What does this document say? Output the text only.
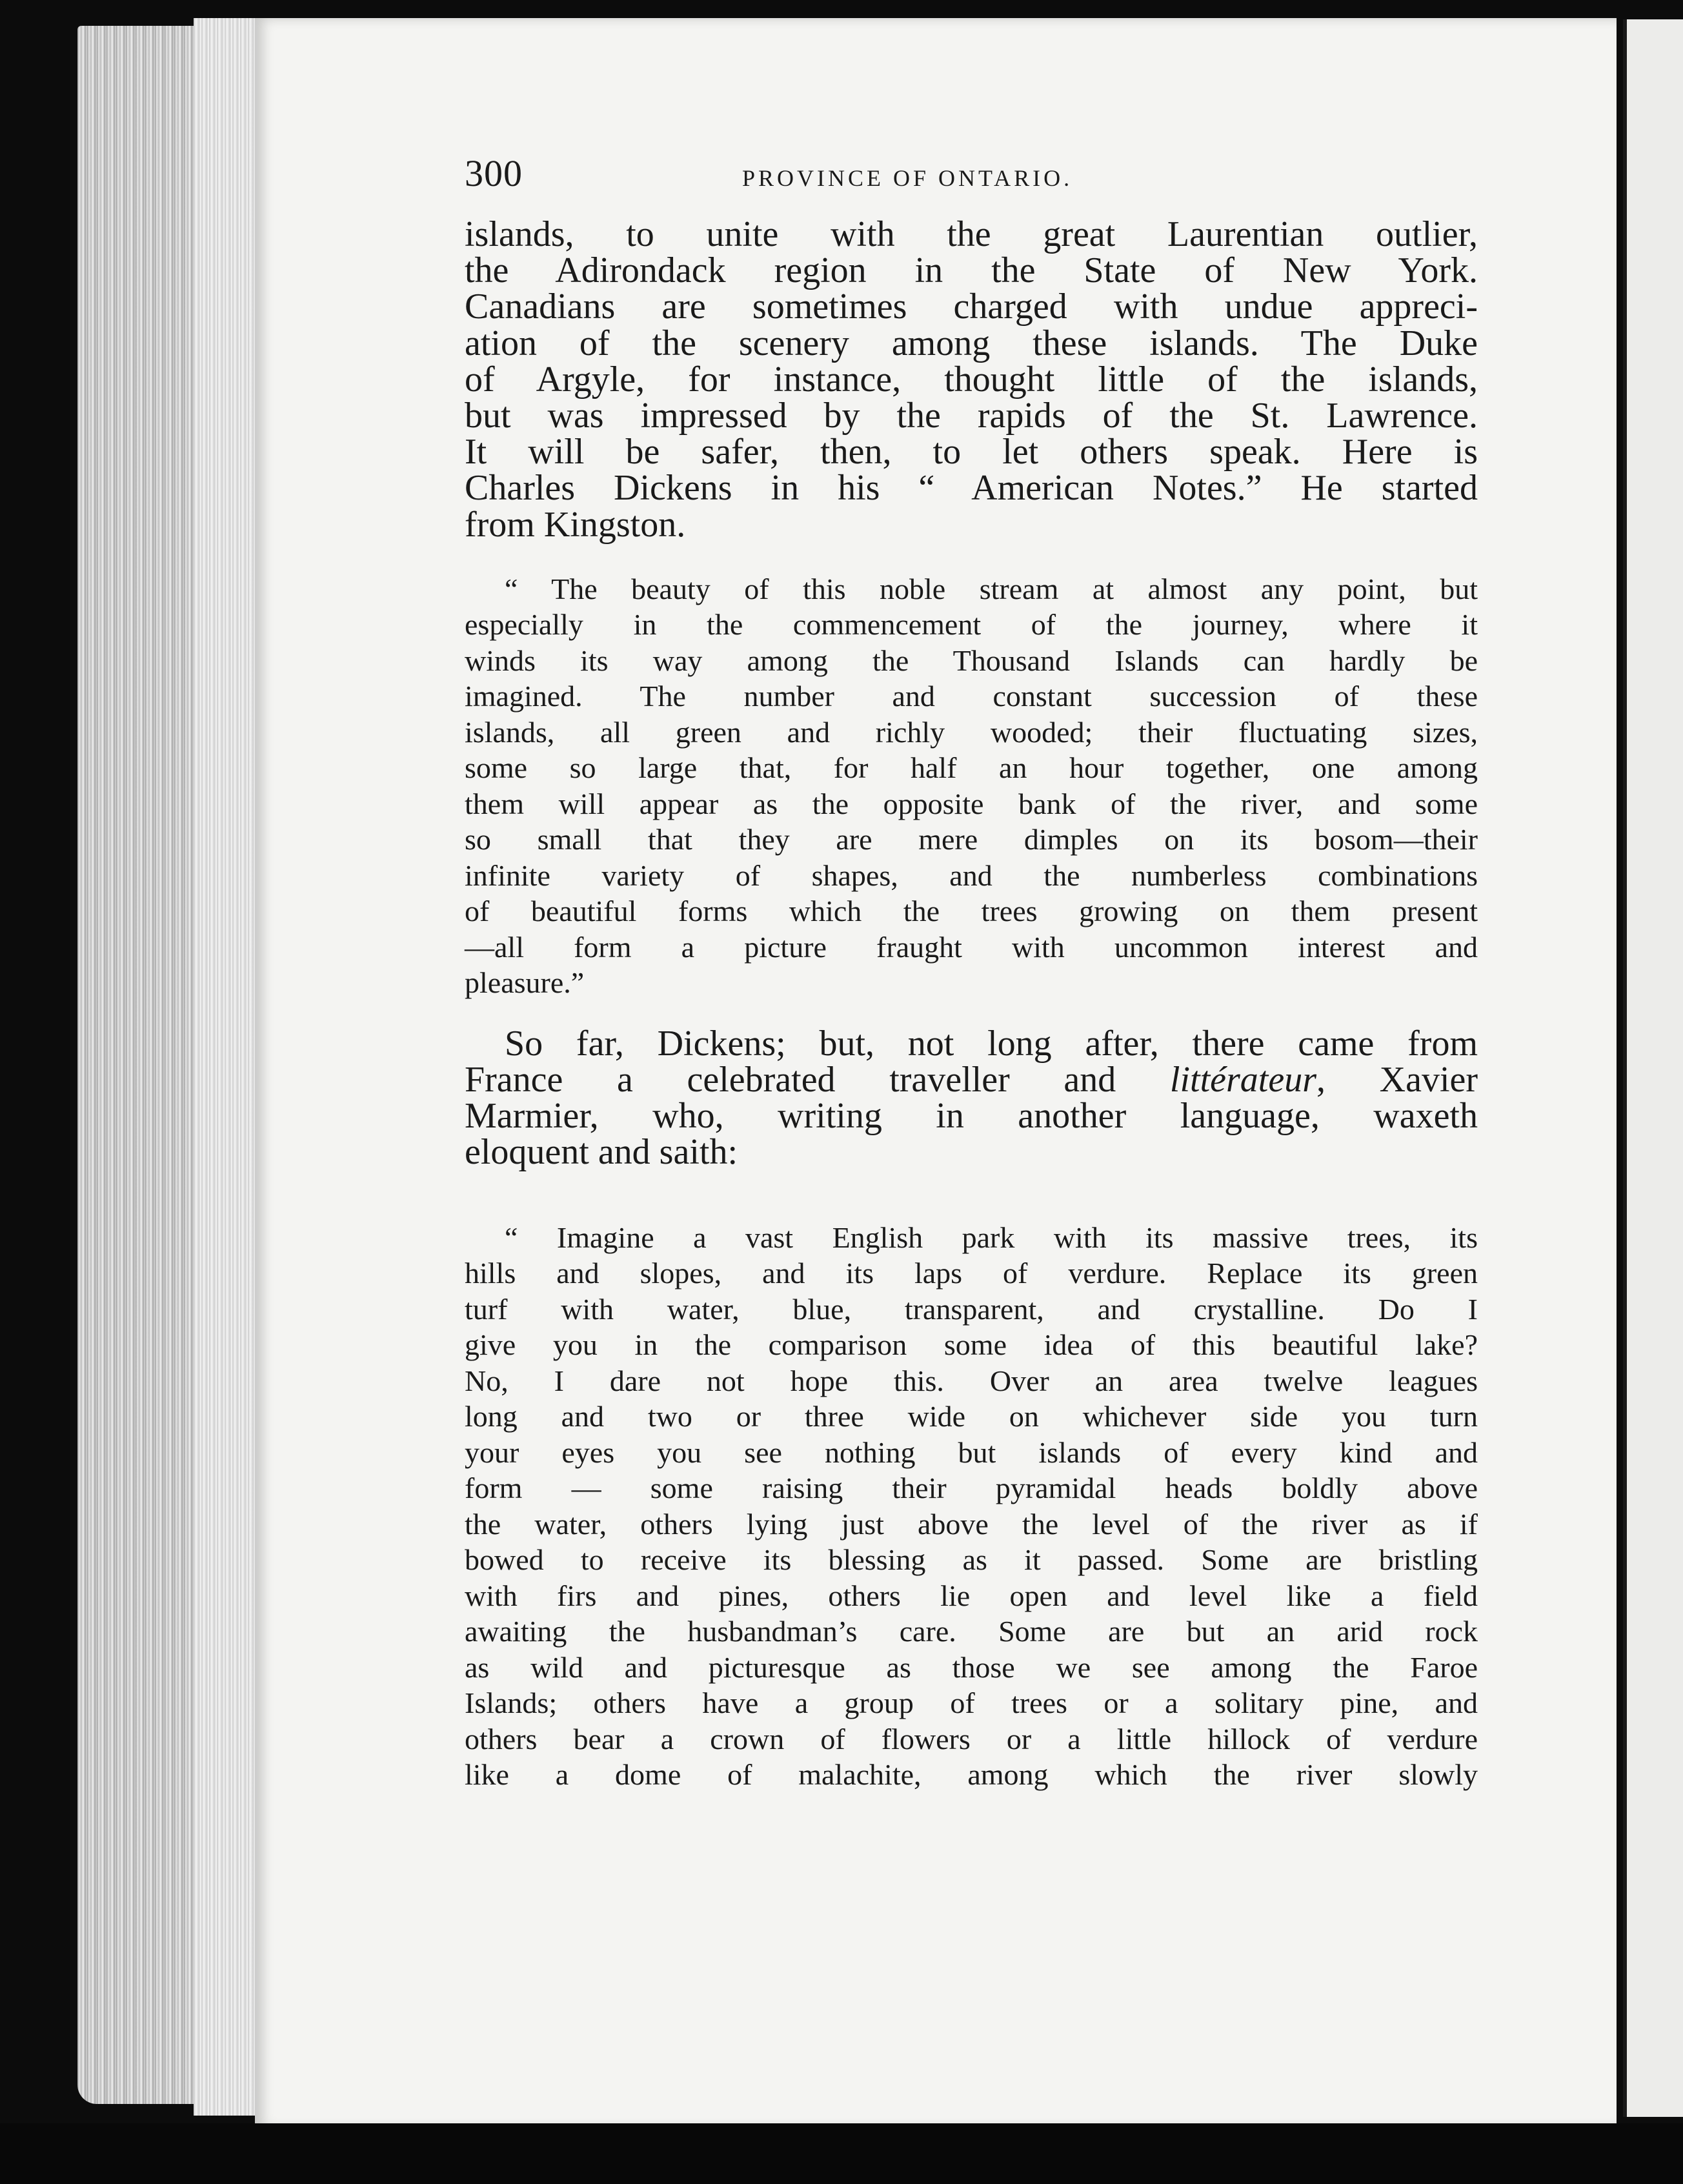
300	PROVINCE OF ONTARIO.
islands, to unite with the great Laurentian outlier,
the Adirondack region in the State of New York.
Canadians are sometimes charged with undue appreci-
ation of the scenery among these islands. The Duke
of Argyle, for instance, thought little of the islands,
but was impressed by the rapids of the St. Lawrence.
It will be safer, then, to let others speak. Here is
Charles Dickens in his “ American Notes.” He started
from Kingston.
“ The beauty of this noble stream at almost any point, but
especially in the commencement of the journey, where it
winds its way among the Thousand Islands can hardly be
imagined. The number and constant succession of these
islands, all green and richly wooded; their fluctuating sizes,
some so large that, for half an hour together, one among
them will appear as the opposite bank of the river, and some
so small that they are mere dimples on its bosom—their
infinite variety of shapes, and the numberless combinations
of beautiful forms which the trees growing on them present
—all form a picture fraught with uncommon interest and
pleasure.”
So far, Dickens; but, not long after, there came from
France a celebrated traveller and littérateur, Xavier
Marmier, who, writing in another language, waxeth
eloquent and saith:
“ Imagine a vast English park with its massive trees, its
hills and slopes, and its laps of verdure. Replace its green
turf with water, blue, transparent, and crystalline. Do I
give you in the comparison some idea of this beautiful lake?
No, I dare not hope this. Over an area twelve leagues
long and two or three wide on whichever side you turn
your eyes you see nothing but islands of every kind and
form — some raising their pyramidal heads boldly above
the water, others lying just above the level of the river as if
bowed to receive its blessing as it passed. Some are bristling
with firs and pines, others lie open and level like a field
awaiting the husbandman’s care. Some are but an arid rock
as wild and picturesque as those we see among the Faroe
Islands; others have a group of trees or a solitary pine, and
others bear a crown of flowers or a little hillock of verdure
like a dome of malachite, among which the river slowly
